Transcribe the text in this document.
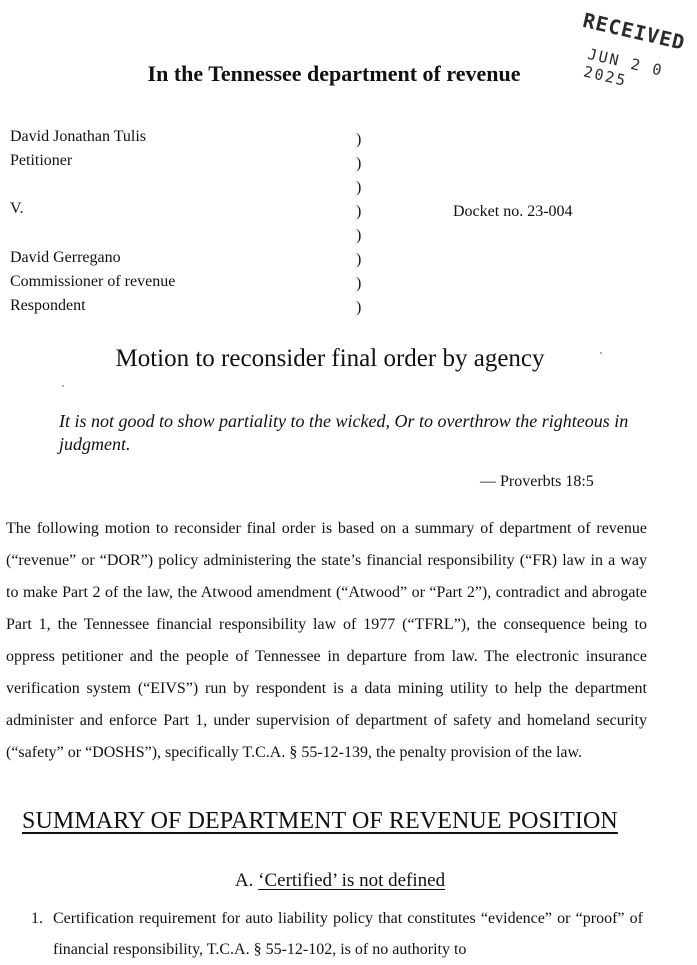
RECEIVED
JUN 2 0 2025
In the Tennessee department of revenue
David Jonathan Tulis
Petitioner
V.
David Gerregano
Commissioner of revenue
Respondent
)
)
)
)
)
)
)
)
Docket no. 23-004
Motion to reconsider final order by agency
It is not good to show partiality to the wicked, Or to overthrow the righteous in judgment.
— Proverbts 18:5
The following motion to reconsider final order is based on a summary of department of revenue (“revenue” or “DOR”) policy administering the state’s financial responsibility (“FR) law in a way to make Part 2 of the law, the Atwood amendment (“Atwood” or “Part 2”), contradict and abrogate Part 1, the Tennessee financial responsibility law of 1977 (“TFRL”), the consequence being to oppress petitioner and the people of Tennessee in departure from law. The electronic insurance verification system (“EIVS”) run by respondent is a data mining utility to help the department administer and enforce Part 1, under supervision of department of safety and homeland security (“safety” or “DOSHS”), specifically T.C.A. § 55-12-139, the penalty provision of the law.
SUMMARY OF DEPARTMENT OF REVENUE POSITION
A. ‘Certified’ is not defined
1. Certification requirement for auto liability policy that constitutes “evidence” or “proof” of financial responsibility, T.C.A. § 55-12-102, is of no authority to
